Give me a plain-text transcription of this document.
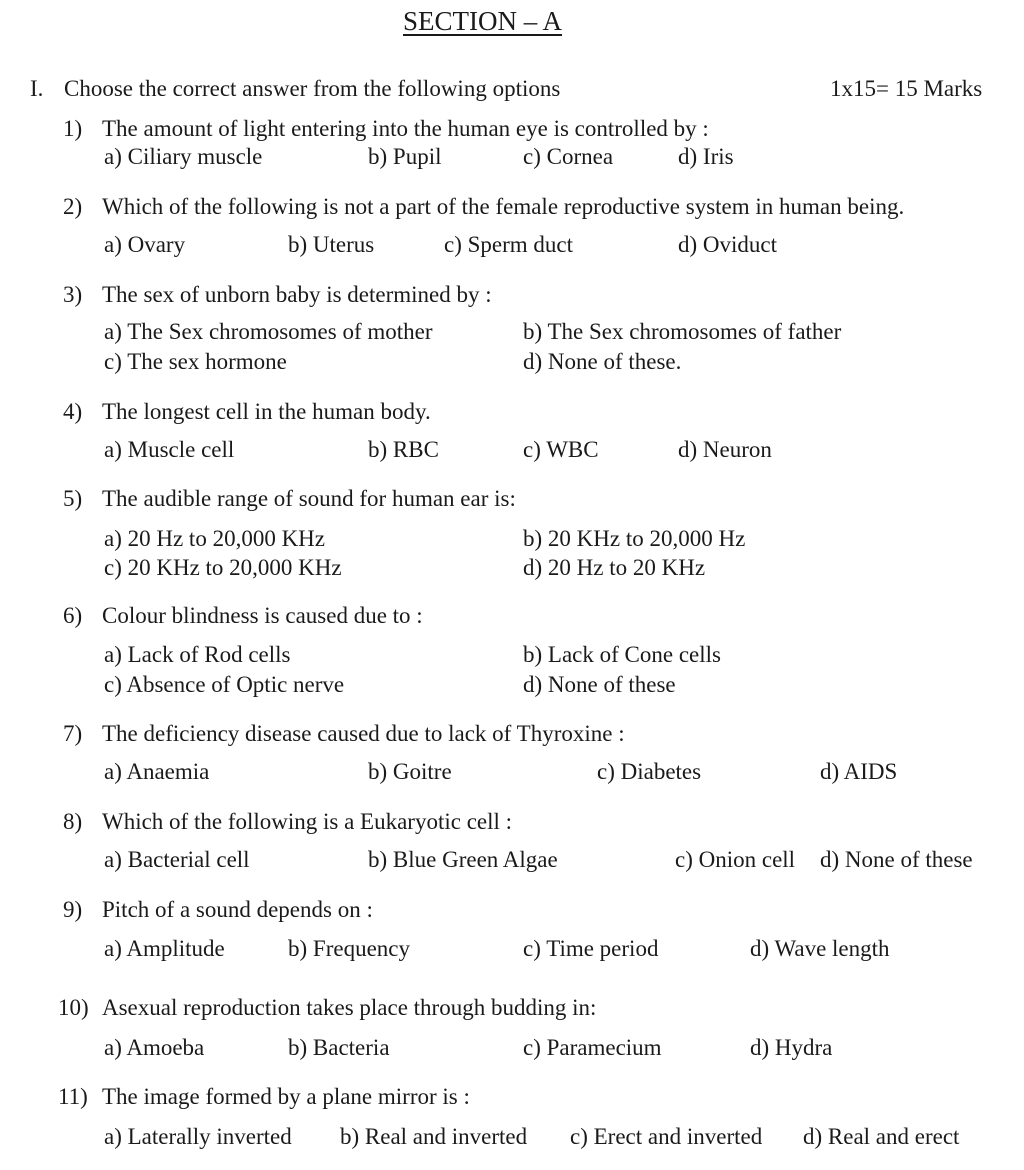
SECTION – A
I. Choose the correct answer from the following options	1x15= 15 Marks
1) The amount of light entering into the human eye is controlled by :
a) Ciliary muscle	b) Pupil	c) Cornea	d) Iris
2) Which of the following is not a part of the female reproductive system in human being.
a) Ovary	b) Uterus	c) Sperm duct	d) Oviduct
3) The sex of unborn baby is determined by :
a) The Sex chromosomes of mother	b) The Sex chromosomes of father
c) The sex hormone	d) None of these.
4) The longest cell in the human body.
a) Muscle cell	b) RBC	c) WBC	d) Neuron
5) The audible range of sound for human ear is:
a) 20 Hz to 20,000 KHz	b) 20 KHz to 20,000 Hz
c) 20 KHz to 20,000 KHz	d) 20 Hz to 20 KHz
6) Colour blindness is caused due to :
a) Lack of Rod cells	b) Lack of Cone cells
c) Absence of Optic nerve	d) None of these
7) The deficiency disease caused due to lack of Thyroxine :
a) Anaemia	b) Goitre	c) Diabetes	d) AIDS
8) Which of the following is a Eukaryotic cell :
a) Bacterial cell	b) Blue Green Algae	c) Onion cell d) None of these
9) Pitch of a sound depends on :
a) Amplitude	b) Frequency	c) Time period	d) Wave length
10) Asexual reproduction takes place through budding in:
a) Amoeba	b) Bacteria	c) Paramecium	d) Hydra
11) The image formed by a plane mirror is :
a) Laterally inverted b) Real and inverted c) Erect and inverted d) Real and erect
